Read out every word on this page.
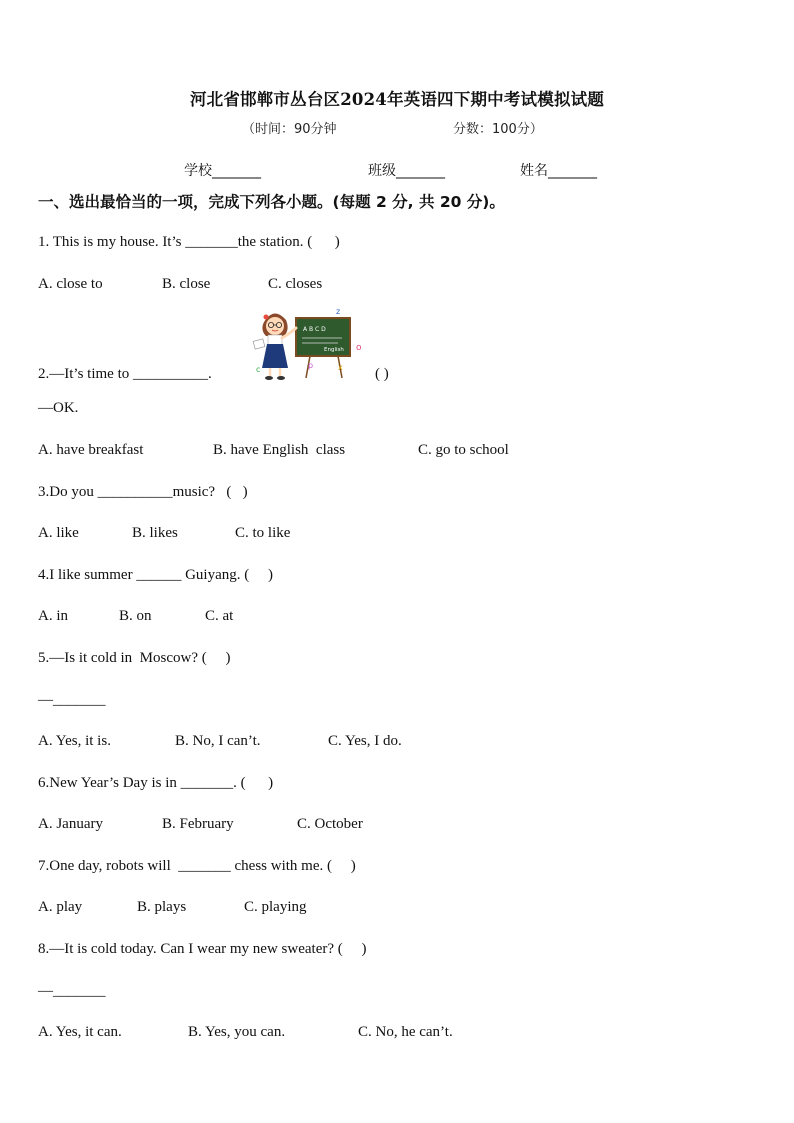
河北省邯郸市丛台区2024年英语四下期中考试模拟试题
（时间：90分钟	分数：100分）
学校_______	班级_______	姓名_______
一、选出最恰当的一项，完成下列各小题。(每题 2 分, 共 20 分)。
1. This is my house. It’s _______the station. (      )
A. close to	B. close	C. closes
A B C D
English
z
o
c	p	x
2.—It’s time to __________.	( )
—OK.
A. have breakfast	B. have English  class	C. go to school
3.Do you __________music?   (   )
A. like	B. likes	C. to like
4.I like summer ______ Guiyang. (     )
A. in	B. on	C. at
5.—Is it cold in  Moscow? (     )
—_______
A. Yes, it is.	B. No, I can’t.	C. Yes, I do.
6.New Year’s Day is in _______. (      )
A. January	B. February	C. October
7.One day, robots will  _______ chess with me. (     )
A. play	B. plays	C. playing
8.—It is cold today. Can I wear my new sweater? (     )
—_______
A. Yes, it can.	B. Yes, you can.	C. No, he can’t.
